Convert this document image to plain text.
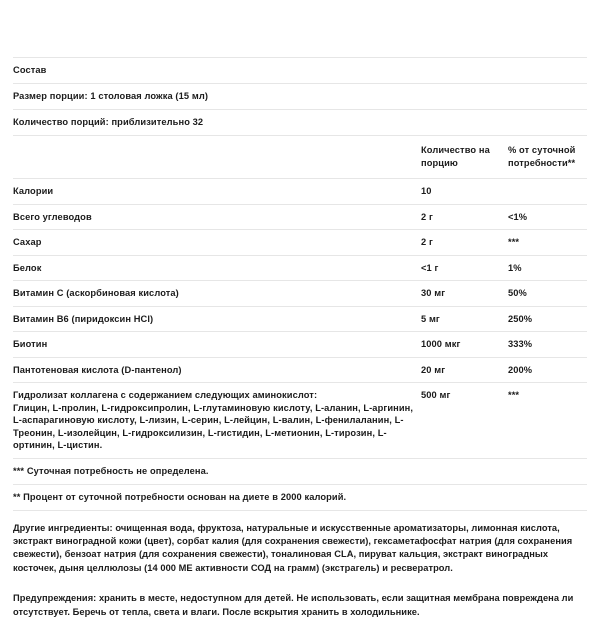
Состав
Размер порции: 1 столовая ложка (15 мл)
Количество порций: приблизительно 32
	Количество на порцию	% от суточной потребности**
Калории	10	
Всего углеводов	2 г	<1%
Сахар	2 г	***
Белок	<1 г	1%
Витамин С (аскорбиновая кислота)	30 мг	50%
Витамин B6 (пиридоксин HCl)	5 мг	250%
Биотин	1000 мкг	333%
Пантотеновая кислота (D-пантенол)	20 мг	200%

Гидролизат коллагена с содержанием следующих аминокислот:
Глицин, L-пролин, L-гидроксипролин, L-глутаминовую кислоту, L-аланин, L-аргинин, L-аспарагиновую кислоту, L-лизин, L-серин, L-лейцин, L-валин, L-фенилаланин, L- Треонин, L-изолейцин, L-гидроксилизин, L-гистидин, L-метионин, L-тирозин, L-ортинин, L-цистин.	500 мг	***
*** Суточная потребность не определена.
** Процент от суточной потребности основан на диете в 2000 калорий.

Другие ингредиенты: очищенная вода, фруктоза, натуральные и искусственные ароматизаторы, лимонная кислота, экстракт виноградной кожи (цвет), сорбат калия (для сохранения свежести), гексаметафосфат натрия (для сохранения свежести), бензоат натрия (для сохранения свежести), тоналиновая CLA, пируват кальция, экстракт виноградных косточек, дыня целлюлозы (14 000 МЕ активности СОД на грамм) (экстрагель) и ресвератрол.

Предупреждения: хранить в месте, недоступном для детей. Не использовать, если защитная мембрана повреждена ли отсутствует. Беречь от тепла, света и влаги. После вскрытия хранить в холодильнике.
